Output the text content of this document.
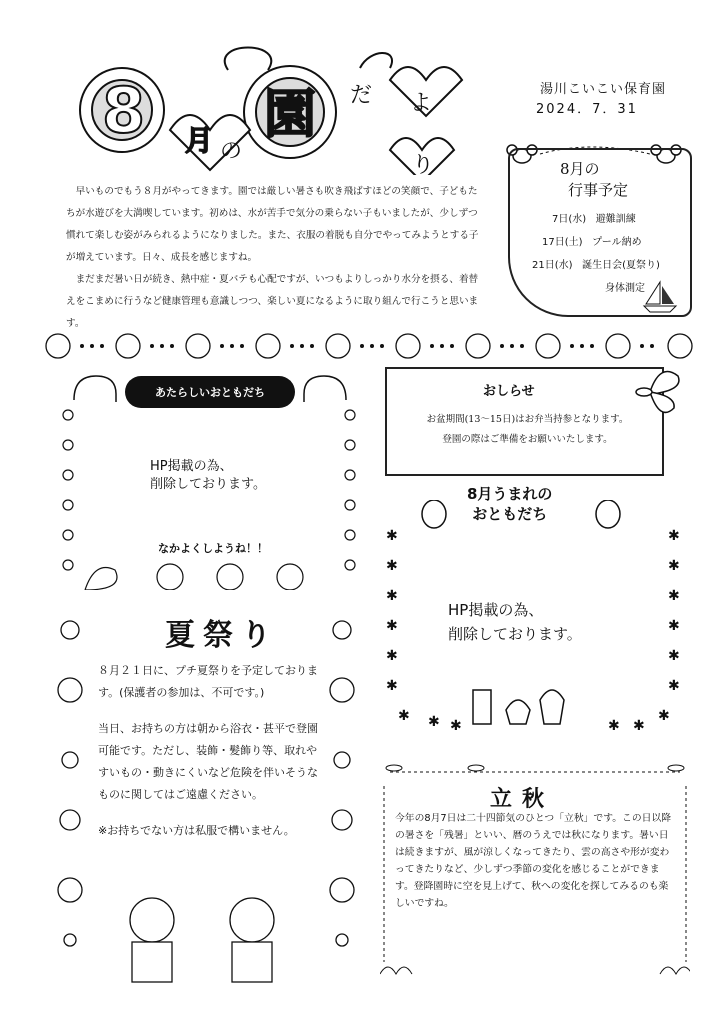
8 月 の
園 だ よ
り
湯川こいこい保育園
2024．7．31
8月の
行事予定
7日(水) 避難訓練
17日(土) プール納め
21日(水) 誕生日会(夏祭り)
身体測定

早いものでもう８月がやってきます。園では厳しい暑さも吹き飛ばすほどの笑顔で、子どもたちが水遊びを大満喫しています。初めは、水が苦手で気分の乗らない子もいましたが、少しずつ慣れて楽しむ姿がみられるようになりました。また、衣服の着脱も自分でやってみようとする子が増えています。日々、成長を感じますね。

まだまだ暑い日が続き、熱中症・夏バテも心配ですが、いつもよりしっかり水分を摂る、着替えをこまめに行うなど健康管理も意識しつつ、楽しい夏になるように取り組んで行こうと思います。

あたらしいおともだち
HP掲載の為、
削除しております。
なかよくしようね！！
おしらせ
お盆期間(13～15日)はお弁当持参となります。
登園の際はご準備をお願いいたします。
✱
✱
✱
✱
✱
✱
✱
✱
✱
✱
✱
✱
✱
✱
✱ ✱	✱ ✱
8月うまれの
おともだち
HP掲載の為、
削除しております。
夏祭り

８月２１日に、プチ夏祭りを予定しております。(保護者の参加は、不可です。)

当日、お持ちの方は朝から浴衣・甚平で登園可能です。ただし、装飾・髪飾り等、取れやすいもの・動きにくいなど危険を伴いそうなものに関してはご遠慮ください。

※お持ちでない方は私服で構いません。

立秋
今年の8月7日は二十四節気のひとつ「立秋」です。この日以降の暑さを「残暑」といい、暦のうえでは秋になります。暑い日は続きますが、風が涼しくなってきたり、雲の高さや形が変わってきたりなど、少しずつ季節の変化を感じることができます。登降園時に空を見上げて、秋への変化を探してみるのも楽しいですね。
